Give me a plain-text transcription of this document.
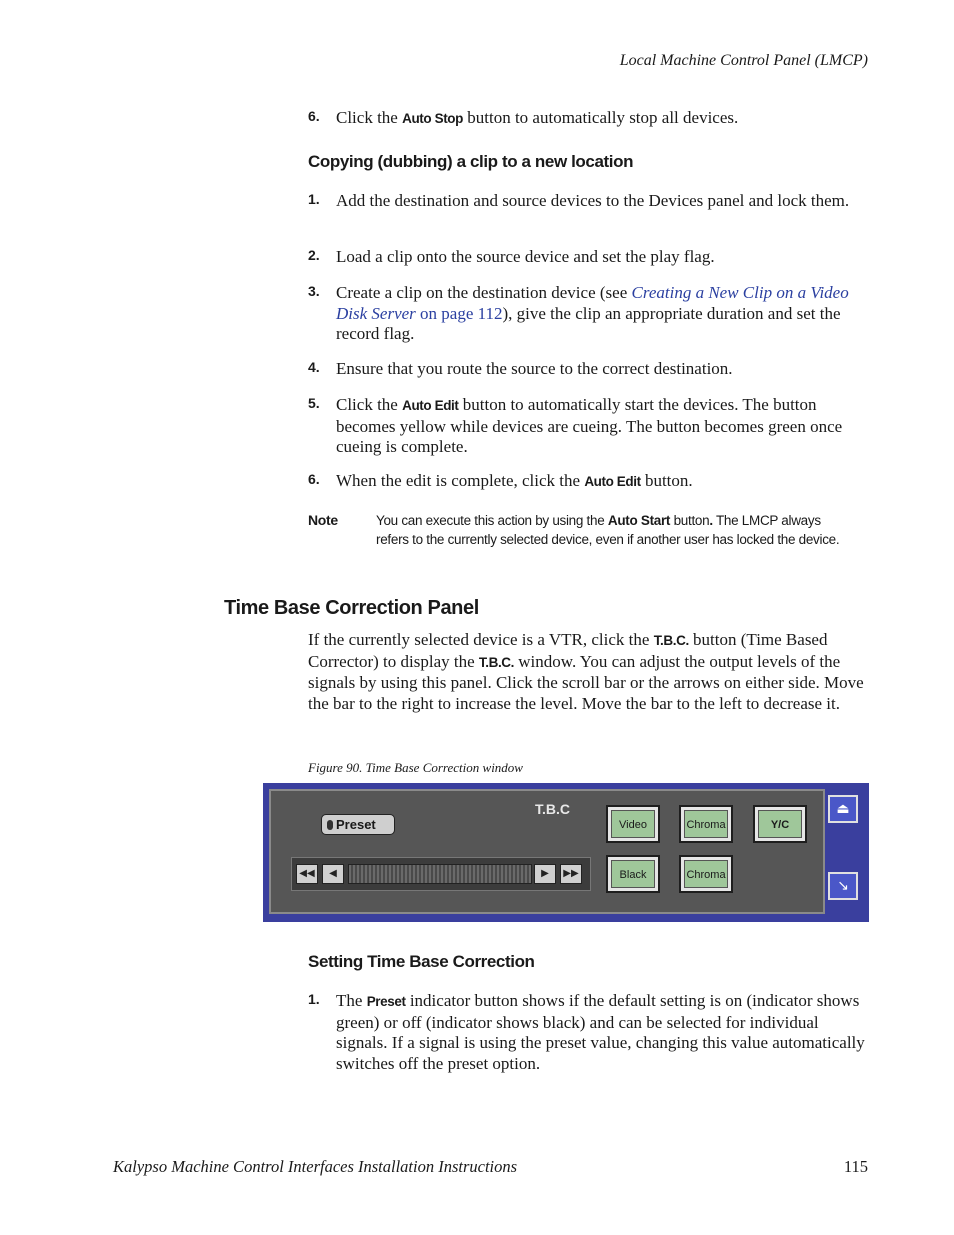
Local Machine Control Panel (LMCP)
6. Click the Auto Stop button to automatically stop all devices.
Copying (dubbing) a clip to a new location
1. Add the destination and source devices to the Devices panel and lock them.
2. Load a clip onto the source device and set the play flag.
3. Create a clip on the destination device (see Creating a New Clip on a Video Disk Server on page 112), give the clip an appropriate duration and set the record flag.
4. Ensure that you route the source to the correct destination.
5. Click the Auto Edit button to automatically start the devices. The button becomes yellow while devices are cueing. The button becomes green once cueing is complete.
6. When the edit is complete, click the Auto Edit button.
Note	You can execute this action by using the Auto Start button. The LMCP always refers to the currently selected device, even if another user has locked the device.
Time Base Correction Panel
If the currently selected device is a VTR, click the T.B.C. button (Time Based Corrector) to display the T.B.C. window. You can adjust the output levels of the signals by using this panel. Click the scroll bar or the arrows on either side. Move the bar to the right to increase the level. Move the bar to the left to decrease it.
Figure 90. Time Base Correction window
T.B.C
Preset
◀◀	◀	▶	▶▶
Video	Chroma	Y/C
Black	Chroma
⏏
↘
Setting Time Base Correction
1. The Preset indicator button shows if the default setting is on (indicator shows green) or off (indicator shows black) and can be selected for individual signals. If a signal is using the preset value, changing this value automatically switches off the preset option.
Kalypso Machine Control Interfaces Installation Instructions	115
